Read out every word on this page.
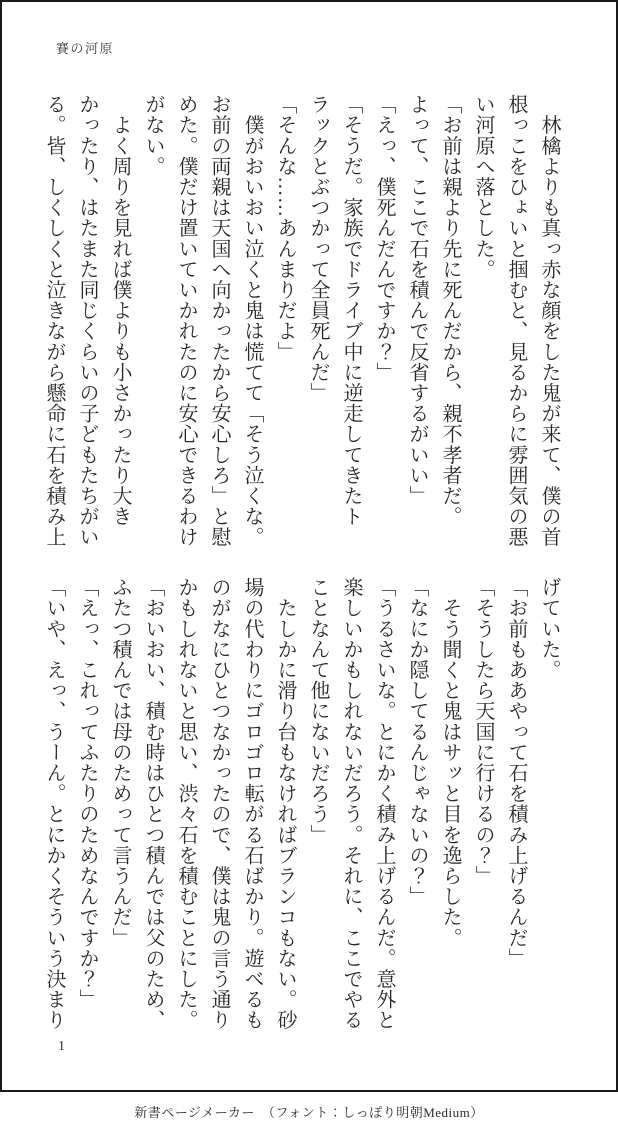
賽の河原
　林檎よりも真っ赤な顔をした鬼が来て、僕の首
根っこをひょいと掴むと、見るからに雰囲気の悪
い河原へ落とした。
「お前は親より先に死んだから、親不孝者だ。
よって、ここで石を積んで反省するがいい」
「えっ、僕死んだんですか？」
「そうだ。家族でドライブ中に逆走してきたト
ラックとぶつかって全員死んだ」
「そんな……あんまりだよ」
　僕がおいおい泣くと鬼は慌てて「そう泣くな。
お前の両親は天国へ向かったから安心しろ」と慰
めた。僕だけ置いていかれたのに安心できるわけ
がない。
　よく周りを見れば僕よりも小さかったり大き
かったり、はたまた同じくらいの子どもたちがい
る。皆、しくしくと泣きながら懸命に石を積み上
げていた。
「お前もああやって石を積み上げるんだ」
「そうしたら天国に行けるの？」
　そう聞くと鬼はサッと目を逸らした。
「なにか隠してるんじゃないの？」
「うるさいな。とにかく積み上げるんだ。意外と
楽しいかもしれないだろう。それに、ここでやる
ことなんて他にないだろう」
　たしかに滑り台もなければブランコもない。砂
場の代わりにゴロゴロ転がる石ばかり。遊べるも
のがなにひとつなかったので、僕は鬼の言う通り
かもしれないと思い、渋々石を積むことにした。
「おいおい、積む時はひとつ積んでは父のため、
ふたつ積んでは母のためって言うんだ」
「えっ、これってふたりのためなんですか？」
「いや、えっ、うーん。とにかくそういう決まり
1
新書ページメーカー　（フォント：しっぽり明朝Medium）
